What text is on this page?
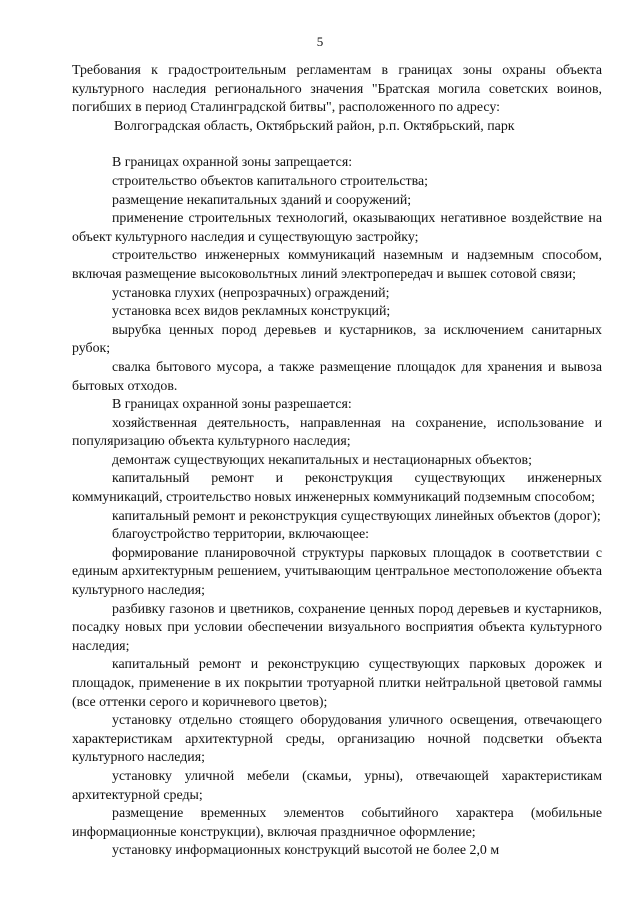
5

Требования к градостроительным регламентам в границах зоны охраны объекта культурного наследия регионального значения "Братская могила советских воинов, погибших в период Сталинградской битвы", расположенного по адресу:

Волгоградская область, Октябрьский район, р.п. Октябрьский, парк

В границах охранной зоны запрещается:

строительство объектов капитального строительства;

размещение некапитальных зданий и сооружений;

применение строительных технологий, оказывающих негативное воздействие на объект культурного наследия и существующую застройку;

строительство инженерных коммуникаций наземным и надземным способом, включая размещение высоковольтных линий электропередач и вышек сотовой связи;

установка глухих (непрозрачных) ограждений;

установка всех видов рекламных конструкций;

вырубка ценных пород деревьев и кустарников, за исключением санитарных рубок;

свалка бытового мусора, а также размещение площадок для хранения и вывоза бытовых отходов.

В границах охранной зоны разрешается:

хозяйственная деятельность, направленная на сохранение, использование и популяризацию объекта культурного наследия;

демонтаж существующих некапитальных и нестационарных объектов;

капитальный ремонт и реконструкция существующих инженерных коммуникаций, строительство новых инженерных коммуникаций подземным способом;

капитальный ремонт и реконструкция существующих линейных объектов (дорог);

благоустройство территории, включающее:

формирование планировочной структуры парковых площадок в соответствии с единым архитектурным решением, учитывающим центральное местоположение объекта культурного наследия;

разбивку газонов и цветников, сохранение ценных пород деревьев и кустарников, посадку новых при условии обеспечении визуального восприятия объекта культурного наследия;

капитальный ремонт и реконструкцию существующих парковых дорожек и площадок, применение в их покрытии тротуарной плитки нейтральной цветовой гаммы (все оттенки серого и коричневого цветов);

установку отдельно стоящего оборудования уличного освещения, отвечающего характеристикам архитектурной среды, организацию ночной подсветки объекта культурного наследия;

установку уличной мебели (скамьи, урны), отвечающей характеристикам архитектурной среды;

размещение временных элементов событийного характера (мобильные информационные конструкции), включая праздничное оформление;

установку информационных конструкций высотой не более 2,0 м
